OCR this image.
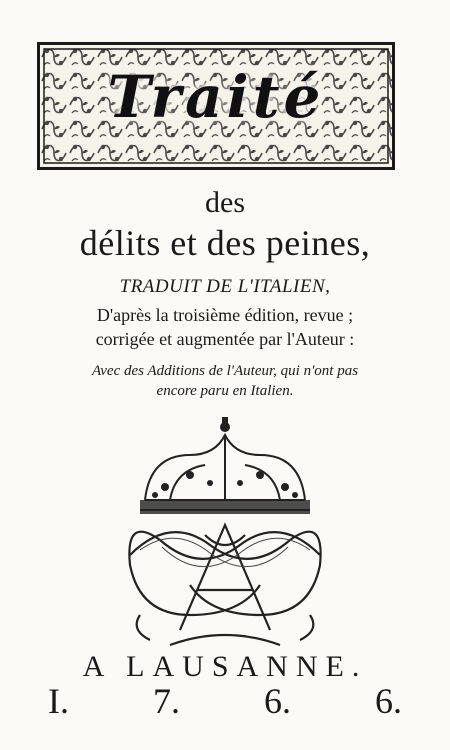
Traité
des
délits et des peines,
TRADUIT DE L'ITALIEN,
D'après la troisième édition, revue ;
corrigée et augmentée par l'Auteur :
Avec des Additions de l'Auteur, qui n'ont pas
encore paru en Italien.
A LAUSANNE.
I. 7. 6. 6.
